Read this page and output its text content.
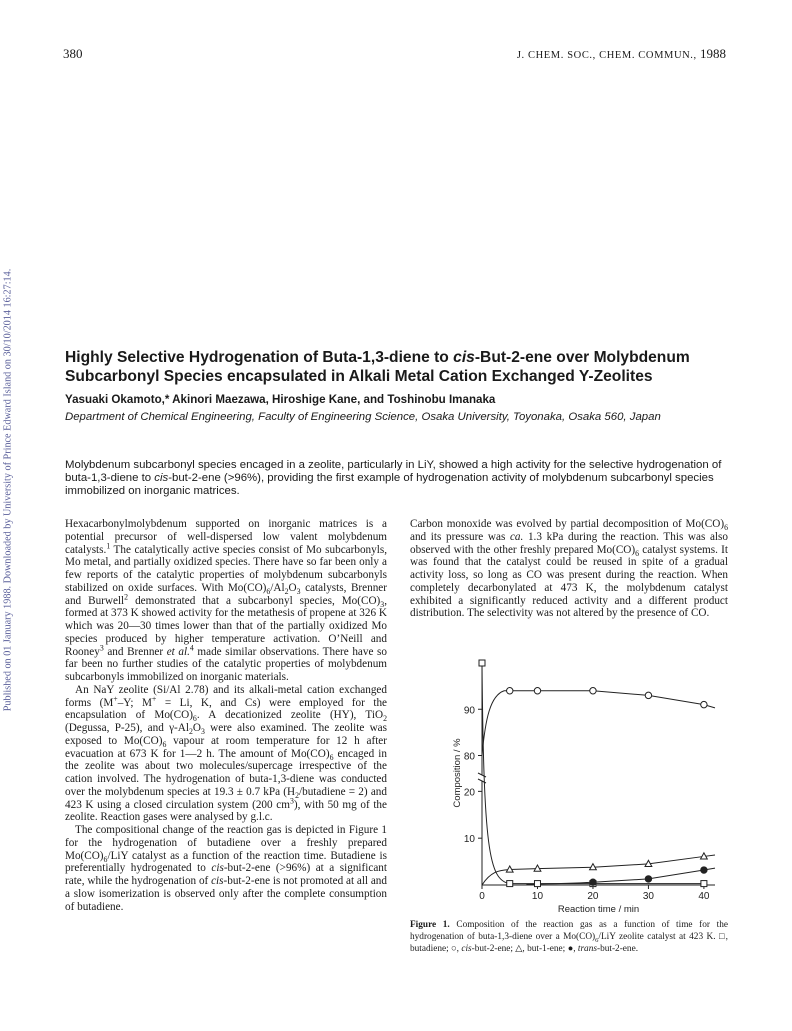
380	J. CHEM. SOC., CHEM. COMMUN., 1988
Published on 01 January 1988. Downloaded by University of Prince Edward Island on 30/10/2014 16:27:14.	Highly Selective Hydrogenation of Buta-1,3-diene to cis-But-2-ene over Molybdenum Subcarbonyl Species encapsulated in Alkali Metal Cation Exchanged Y-Zeolites
Yasuaki Okamoto,* Akinori Maezawa, Hiroshige Kane, and Toshinobu Imanaka
Department of Chemical Engineering, Faculty of Engineering Science, Osaka University, Toyonaka, Osaka 560, Japan
Molybdenum subcarbonyl species encaged in a zeolite, particularly in LiY, showed a high activity for the selective hydrogenation of buta-1,3-diene to cis-but-2-ene (>96%), providing the first example of hydrogenation activity of molybdenum subcarbonyl species immobilized on inorganic matrices.

Hexacarbonylmolybdenum supported on inorganic matrices is a potential precursor of well-dispersed low valent molybdenum catalysts.$^1$ The catalytically active species consist of Mo subcarbonyls, Mo metal, and partially oxidized species. There have so far been only a few reports of the catalytic properties of molybdenum subcarbonyls stabilized on oxide surfaces. With $Mo(CO)_6/Al_2O_3$ catalysts, Brenner and Burwell$^2$ demonstrated that a subcarbonyl species, $Mo(CO)_3$, formed at 373 K showed activity for the metathesis of propene at 326 K which was 20—30 times lower than that of the partially oxidized Mo species produced by higher temperature activation. O’Neill and Rooney$^3$ and Brenner et al.$^4$ made similar observations. There have so far been no further studies of the catalytic properties of molybdenum subcarbonyls immobilized on inorganic materials.

An NaY zeolite (Si/Al 2.78) and its alkali-metal cation exchanged forms (M+–Y; M+ = Li, K, and Cs) were employed for the encapsulation of $Mo(CO)_6$. A decationized zeolite (HY), TiO$_2$ (Degussa, P-25), and $\gamma-Al_2O_3$ were also examined. The zeolite was exposed to $Mo(CO)_6$ vapour at room temperature for 12 h after evacuation at 673 K for 1—2 h. The amount of $Mo(CO)_6$ encaged in the zeolite was about two molecules/supercage irrespective of the cation involved. The hydrogenation of buta-1,3-diene was conducted over the molybdenum species at 19.3 ± 0.7 kPa ($H_2$/butadiene = 2) and 423 K using a closed circulation system (200 $cm^3$), with 50 mg of the zeolite. Reaction gases were analysed by g.l.c.

The compositional change of the reaction gas is depicted in Figure 1 for the hydrogenation of butadiene over a freshly prepared $Mo(CO)_6$/LiY catalyst as a function of the reaction time. Butadiene is preferentially hydrogenated to cis-but-2-ene (>96%) at a significant rate, while the hydrogenation of cis-but-2-ene is not promoted at all and a slow isomerization is observed only after the complete consumption of butadiene.

Carbon monoxide was evolved by partial decomposition of $Mo(CO)_6$ and its pressure was ca. 1.3 kPa during the reaction. This was also observed with the other freshly prepared $Mo(CO)_6$ catalyst systems. It was found that the catalyst could be reused in spite of a gradual activity loss, so long as CO was present during the reaction. When completely decarbonylated at 473 K, the molybdenum catalyst exhibited a significantly reduced activity and a different product distribution. The selectivity was not altered by the presence of CO.

10
20
80
90
0	10	20	30	40
Reaction time / min
Composition / %
Figure 1. Composition of the reaction gas as a function of time for the hydrogenation of buta-1,3-diene over a $Mo(CO)_6$/LiY zeolite catalyst at 423 K. □, butadiene; ○, cis-but-2-ene; △, but-1-ene; ●, trans-but-2-ene.
